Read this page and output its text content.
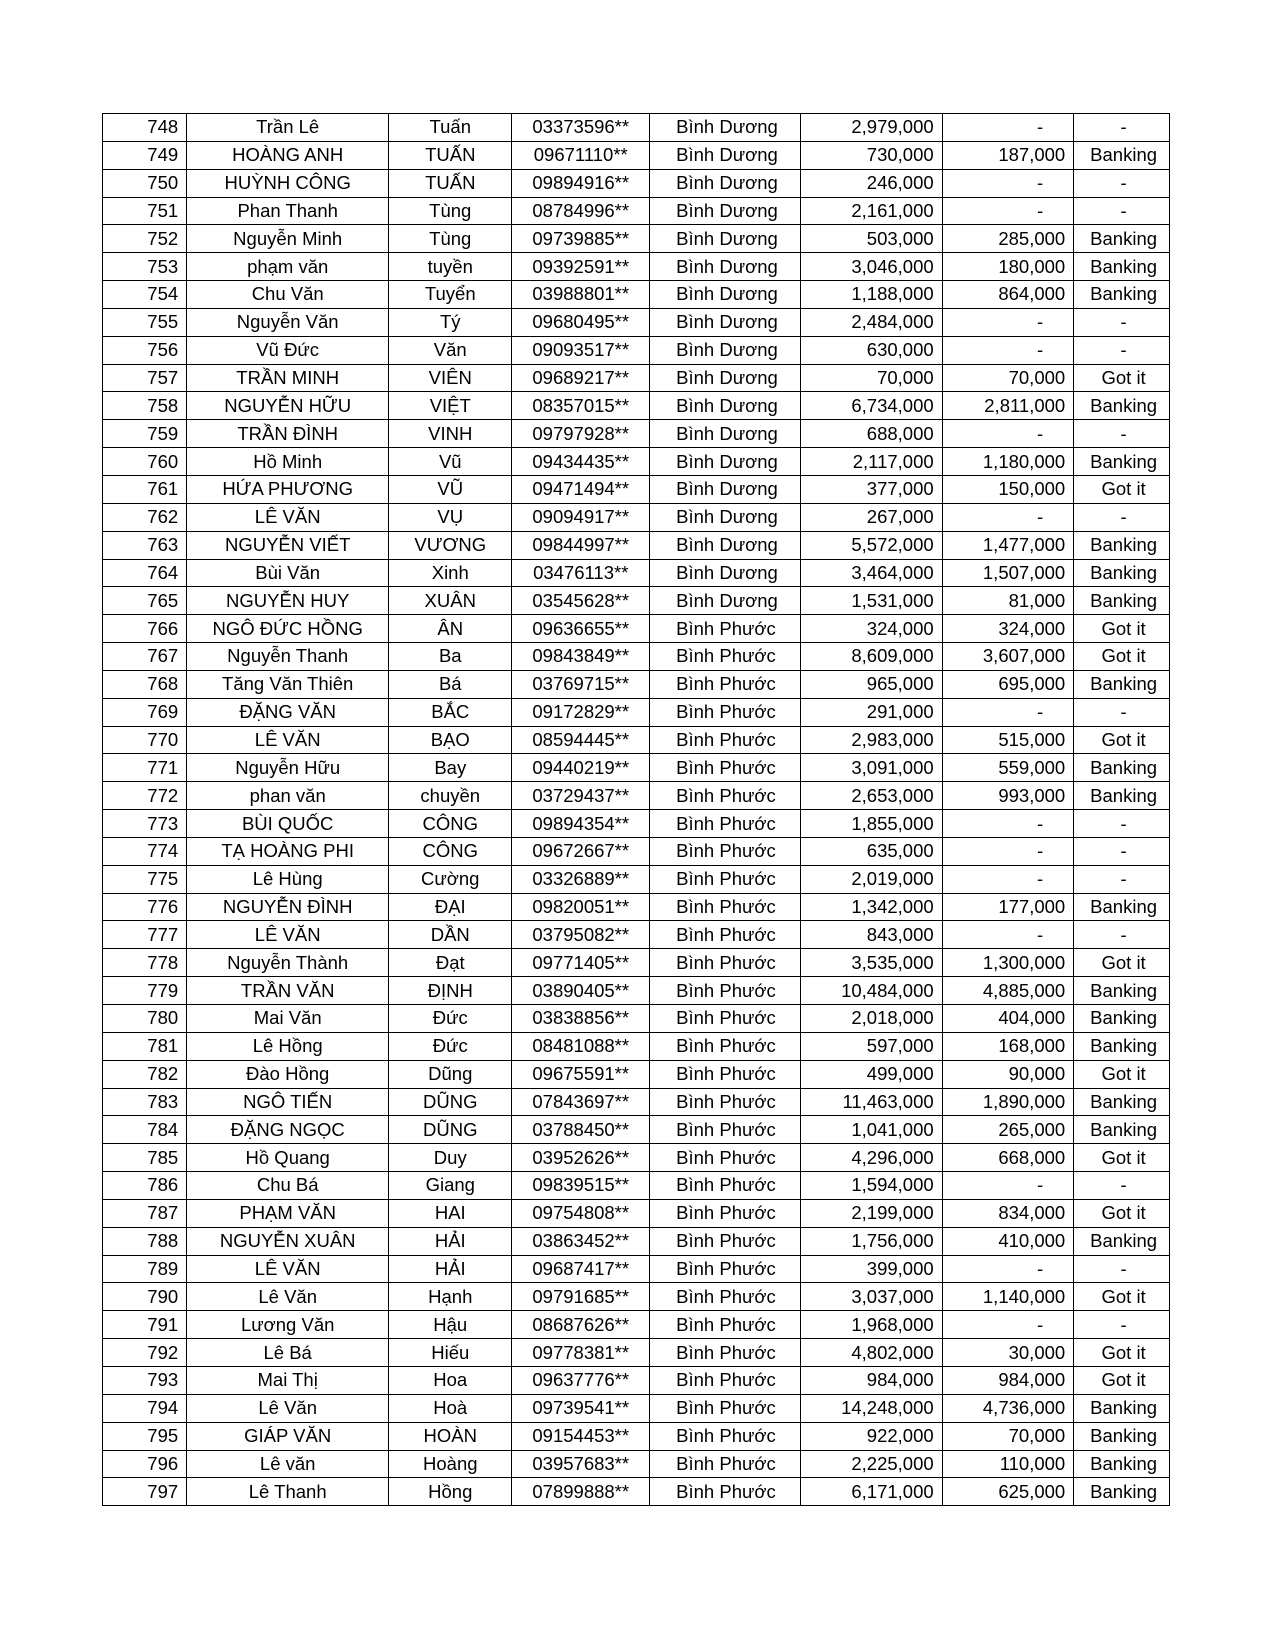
748	Trần Lê	Tuấn	03373596**	Bình Dương	2,979,000	-	-
749	HOÀNG ANH	TUẤN	09671110**	Bình Dương	730,000	187,000	Banking
750	HUỲNH CÔNG	TUẤN	09894916**	Bình Dương	246,000	-	-
751	Phan Thanh	Tùng	08784996**	Bình Dương	2,161,000	-	-
752	Nguyễn Minh	Tùng	09739885**	Bình Dương	503,000	285,000	Banking
753	phạm văn	tuyền	09392591**	Bình Dương	3,046,000	180,000	Banking
754	Chu Văn	Tuyển	03988801**	Bình Dương	1,188,000	864,000	Banking
755	Nguyễn Văn	Tý	09680495**	Bình Dương	2,484,000	-	-
756	Vũ Đức	Văn	09093517**	Bình Dương	630,000	-	-
757	TRẦN MINH	VIÊN	09689217**	Bình Dương	70,000	70,000	Got it
758	NGUYỄN HỮU	VIỆT	08357015**	Bình Dương	6,734,000	2,811,000	Banking
759	TRẦN ĐÌNH	VINH	09797928**	Bình Dương	688,000	-	-
760	Hồ Minh	Vũ	09434435**	Bình Dương	2,117,000	1,180,000	Banking
761	HỨA PHƯƠNG	VŨ	09471494**	Bình Dương	377,000	150,000	Got it
762	LÊ VĂN	VỤ	09094917**	Bình Dương	267,000	-	-
763	NGUYỄN VIẾT	VƯƠNG	09844997**	Bình Dương	5,572,000	1,477,000	Banking
764	Bùi Văn	Xinh	03476113**	Bình Dương	3,464,000	1,507,000	Banking
765	NGUYỄN HUY	XUÂN	03545628**	Bình Dương	1,531,000	81,000	Banking
766	NGÔ ĐỨC HỒNG	ÂN	09636655**	Bình Phước	324,000	324,000	Got it
767	Nguyễn Thanh	Ba	09843849**	Bình Phước	8,609,000	3,607,000	Got it
768	Tăng Văn Thiên	Bá	03769715**	Bình Phước	965,000	695,000	Banking
769	ĐẶNG VĂN	BẮC	09172829**	Bình Phước	291,000	-	-
770	LÊ VĂN	BẠO	08594445**	Bình Phước	2,983,000	515,000	Got it
771	Nguyễn Hữu	Bay	09440219**	Bình Phước	3,091,000	559,000	Banking
772	phan văn	chuyền	03729437**	Bình Phước	2,653,000	993,000	Banking
773	BÙI QUỐC	CÔNG	09894354**	Bình Phước	1,855,000	-	-
774	TẠ HOÀNG PHI	CÔNG	09672667**	Bình Phước	635,000	-	-
775	Lê Hùng	Cường	03326889**	Bình Phước	2,019,000	-	-
776	NGUYỄN ĐÌNH	ĐẠI	09820051**	Bình Phước	1,342,000	177,000	Banking
777	LÊ VĂN	DẦN	03795082**	Bình Phước	843,000	-	-
778	Nguyễn Thành	Đạt	09771405**	Bình Phước	3,535,000	1,300,000	Got it
779	TRẦN VĂN	ĐỊNH	03890405**	Bình Phước	10,484,000	4,885,000	Banking
780	Mai Văn	Đức	03838856**	Bình Phước	2,018,000	404,000	Banking
781	Lê Hồng	Đức	08481088**	Bình Phước	597,000	168,000	Banking
782	Đào Hồng	Dũng	09675591**	Bình Phước	499,000	90,000	Got it
783	NGÔ TIẾN	DŨNG	07843697**	Bình Phước	11,463,000	1,890,000	Banking
784	ĐẶNG NGỌC	DŨNG	03788450**	Bình Phước	1,041,000	265,000	Banking
785	Hồ Quang	Duy	03952626**	Bình Phước	4,296,000	668,000	Got it
786	Chu Bá	Giang	09839515**	Bình Phước	1,594,000	-	-
787	PHẠM VĂN	HAI	09754808**	Bình Phước	2,199,000	834,000	Got it
788	NGUYỄN XUÂN	HẢI	03863452**	Bình Phước	1,756,000	410,000	Banking
789	LÊ VĂN	HẢI	09687417**	Bình Phước	399,000	-	-
790	Lê Văn	Hạnh	09791685**	Bình Phước	3,037,000	1,140,000	Got it
791	Lương Văn	Hậu	08687626**	Bình Phước	1,968,000	-	-
792	Lê Bá	Hiếu	09778381**	Bình Phước	4,802,000	30,000	Got it
793	Mai Thị	Hoa	09637776**	Bình Phước	984,000	984,000	Got it
794	Lê Văn	Hoà	09739541**	Bình Phước	14,248,000	4,736,000	Banking
795	GIÁP VĂN	HOÀN	09154453**	Bình Phước	922,000	70,000	Banking
796	Lê văn	Hoàng	03957683**	Bình Phước	2,225,000	110,000	Banking
797	Lê Thanh	Hồng	07899888**	Bình Phước	6,171,000	625,000	Banking
